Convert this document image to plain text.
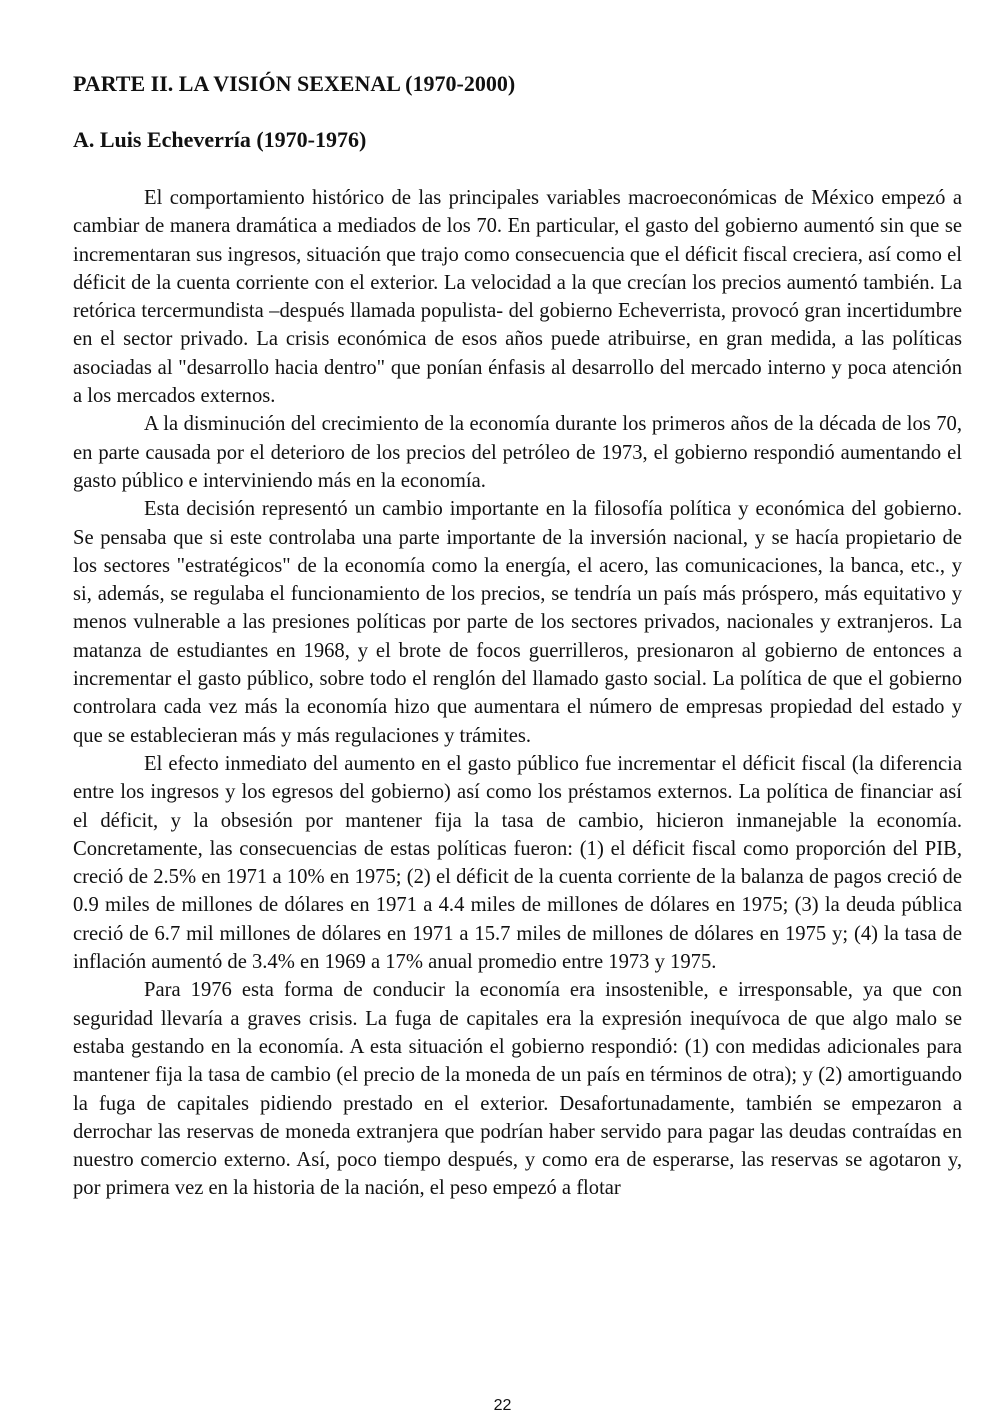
PARTE II. LA VISIÓN SEXENAL (1970-2000)
A. Luis Echeverría (1970-1976)

El comportamiento histórico de las principales variables macroeconómicas de México empezó a cambiar de manera dramática a mediados de los 70. En particular, el gasto del gobierno aumentó sin que se incrementaran sus ingresos, situación que trajo como consecuencia que el déficit fiscal creciera, así como el déficit de la cuenta corriente con el exterior. La velocidad a la que crecían los precios aumentó también. La retórica tercermundista –después llamada populista- del gobierno Echeverrista, provocó gran incertidumbre en el sector privado. La crisis económica de esos años puede atribuirse, en gran medida, a las políticas asociadas al "desarrollo hacia dentro" que ponían énfasis al desarrollo del mercado interno y poca atención a los mercados externos.

A la disminución del crecimiento de la economía durante los primeros años de la década de los 70, en parte causada por el deterioro de los precios del petróleo de 1973, el gobierno respondió aumentando el gasto público e interviniendo más en la economía.

Esta decisión representó un cambio importante en la filosofía política y económica del gobierno. Se pensaba que si este controlaba una parte importante de la inversión nacional, y se hacía propietario de los sectores "estratégicos" de la economía como la energía, el acero, las comunicaciones, la banca, etc., y si, además, se regulaba el funcionamiento de los precios, se tendría un país más próspero, más equitativo y menos vulnerable a las presiones políticas por parte de los sectores privados, nacionales y extranjeros. La matanza de estudiantes en 1968, y el brote de focos guerrilleros, presionaron al gobierno de entonces a incrementar el gasto público, sobre todo el renglón del llamado gasto social. La política de que el gobierno controlara cada vez más la economía hizo que aumentara el número de empresas propiedad del estado y que se establecieran más y más regulaciones y trámites.

El efecto inmediato del aumento en el gasto público fue incrementar el déficit fiscal (la diferencia entre los ingresos y los egresos del gobierno) así como los préstamos externos. La política de financiar así el déficit, y la obsesión por mantener fija la tasa de cambio, hicieron inmanejable la economía. Concretamente, las consecuencias de estas políticas fueron: (1) el déficit fiscal como proporción del PIB, creció de 2.5% en 1971 a 10% en 1975; (2) el déficit de la cuenta corriente de la balanza de pagos creció de 0.9 miles de millones de dólares en 1971 a 4.4 miles de millones de dólares en 1975; (3) la deuda pública creció de 6.7 mil millones de dólares en 1971 a 15.7 miles de millones de dólares en 1975 y; (4) la tasa de inflación aumentó de 3.4% en 1969 a 17% anual promedio entre 1973 y 1975.

Para 1976 esta forma de conducir la economía era insostenible, e irresponsable, ya que con seguridad llevaría a graves crisis. La fuga de capitales era la expresión inequívoca de que algo malo se estaba gestando en la economía. A esta situación el gobierno respondió: (1) con medidas adicionales para mantener fija la tasa de cambio (el precio de la moneda de un país en términos de otra); y (2) amortiguando la fuga de capitales pidiendo prestado en el exterior. Desafortunadamente, también se empezaron a derrochar las reservas de moneda extranjera que podrían haber servido para pagar las deudas contraídas en nuestro comercio externo. Así, poco tiempo después, y como era de esperarse, las reservas se agotaron y, por primera vez en la historia de la nación, el peso empezó a flotar

22
